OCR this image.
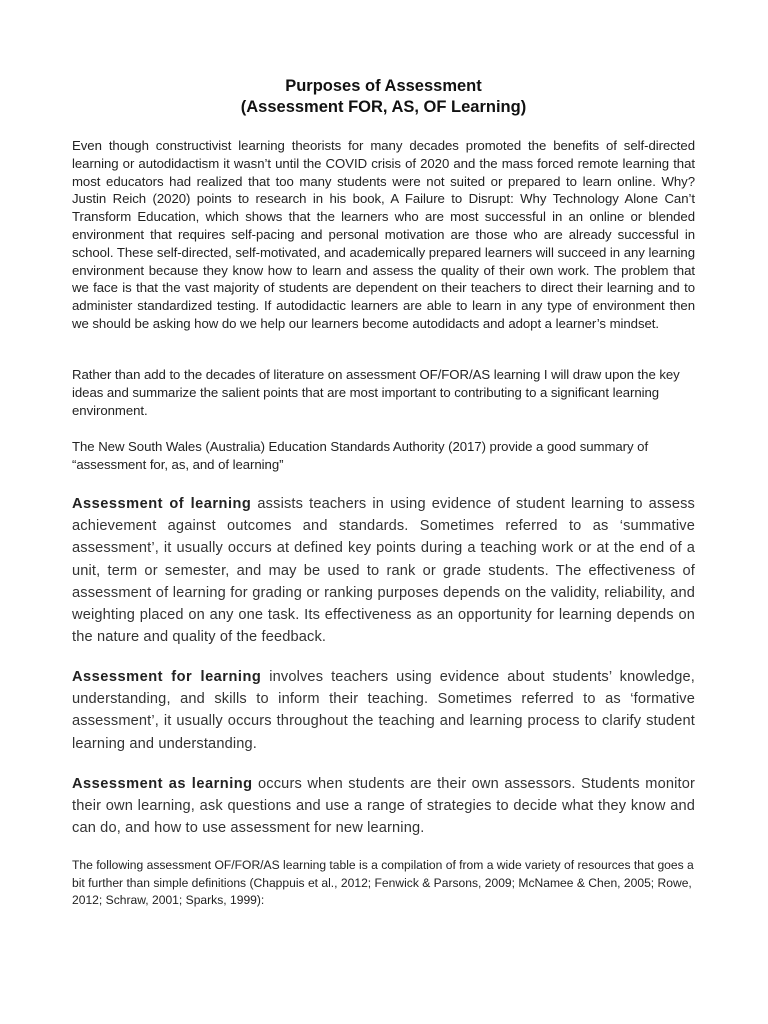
Purposes of Assessment
(Assessment FOR, AS, OF Learning)

Even though constructivist learning theorists for many decades promoted the benefits of self-directed learning or autodidactism it wasn’t until the COVID crisis of 2020 and the mass forced remote learning that most educators had realized that too many students were not suited or prepared to learn online. Why? Justin Reich (2020) points to research in his book, A Failure to Disrupt: Why Technology Alone Can’t Transform Education, which shows that the learners who are most successful in an online or blended environment that requires self-pacing and personal motivation are those who are already successful in school. These self-directed, self-motivated, and academically prepared learners will succeed in any learning environment because they know how to learn and assess the quality of their own work. The problem that we face is that the vast majority of students are dependent on their teachers to direct their learning and to administer standardized testing. If autodidactic learners are able to learn in any type of environment then we should be asking how do we help our learners become autodidacts and adopt a learner’s mindset.

Rather than add to the decades of literature on assessment OF/FOR/AS learning I will draw upon the key ideas and summarize the salient points that are most important to contributing to a significant learning environment.

The New South Wales (Australia) Education Standards Authority (2017) provide a good summary of “assessment for, as, and of learning”

Assessment of learning assists teachers in using evidence of student learning to assess achievement against outcomes and standards. Sometimes referred to as ‘summative assessment’, it usually occurs at defined key points during a teaching work or at the end of a unit, term or semester, and may be used to rank or grade students. The effectiveness of assessment of learning for grading or ranking purposes depends on the validity, reliability, and weighting placed on any one task. Its effectiveness as an opportunity for learning depends on the nature and quality of the feedback.

Assessment for learning involves teachers using evidence about students’ knowledge, understanding, and skills to inform their teaching. Sometimes referred to as ‘formative assessment’, it usually occurs throughout the teaching and learning process to clarify student learning and understanding.

Assessment as learning occurs when students are their own assessors. Students monitor their own learning, ask questions and use a range of strategies to decide what they know and can do, and how to use assessment for new learning.

The following assessment OF/FOR/AS learning table is a compilation of from a wide variety of resources that goes a bit further than simple definitions (Chappuis et al., 2012; Fenwick & Parsons, 2009; McNamee & Chen, 2005; Rowe, 2012; Schraw, 2001; Sparks, 1999):
